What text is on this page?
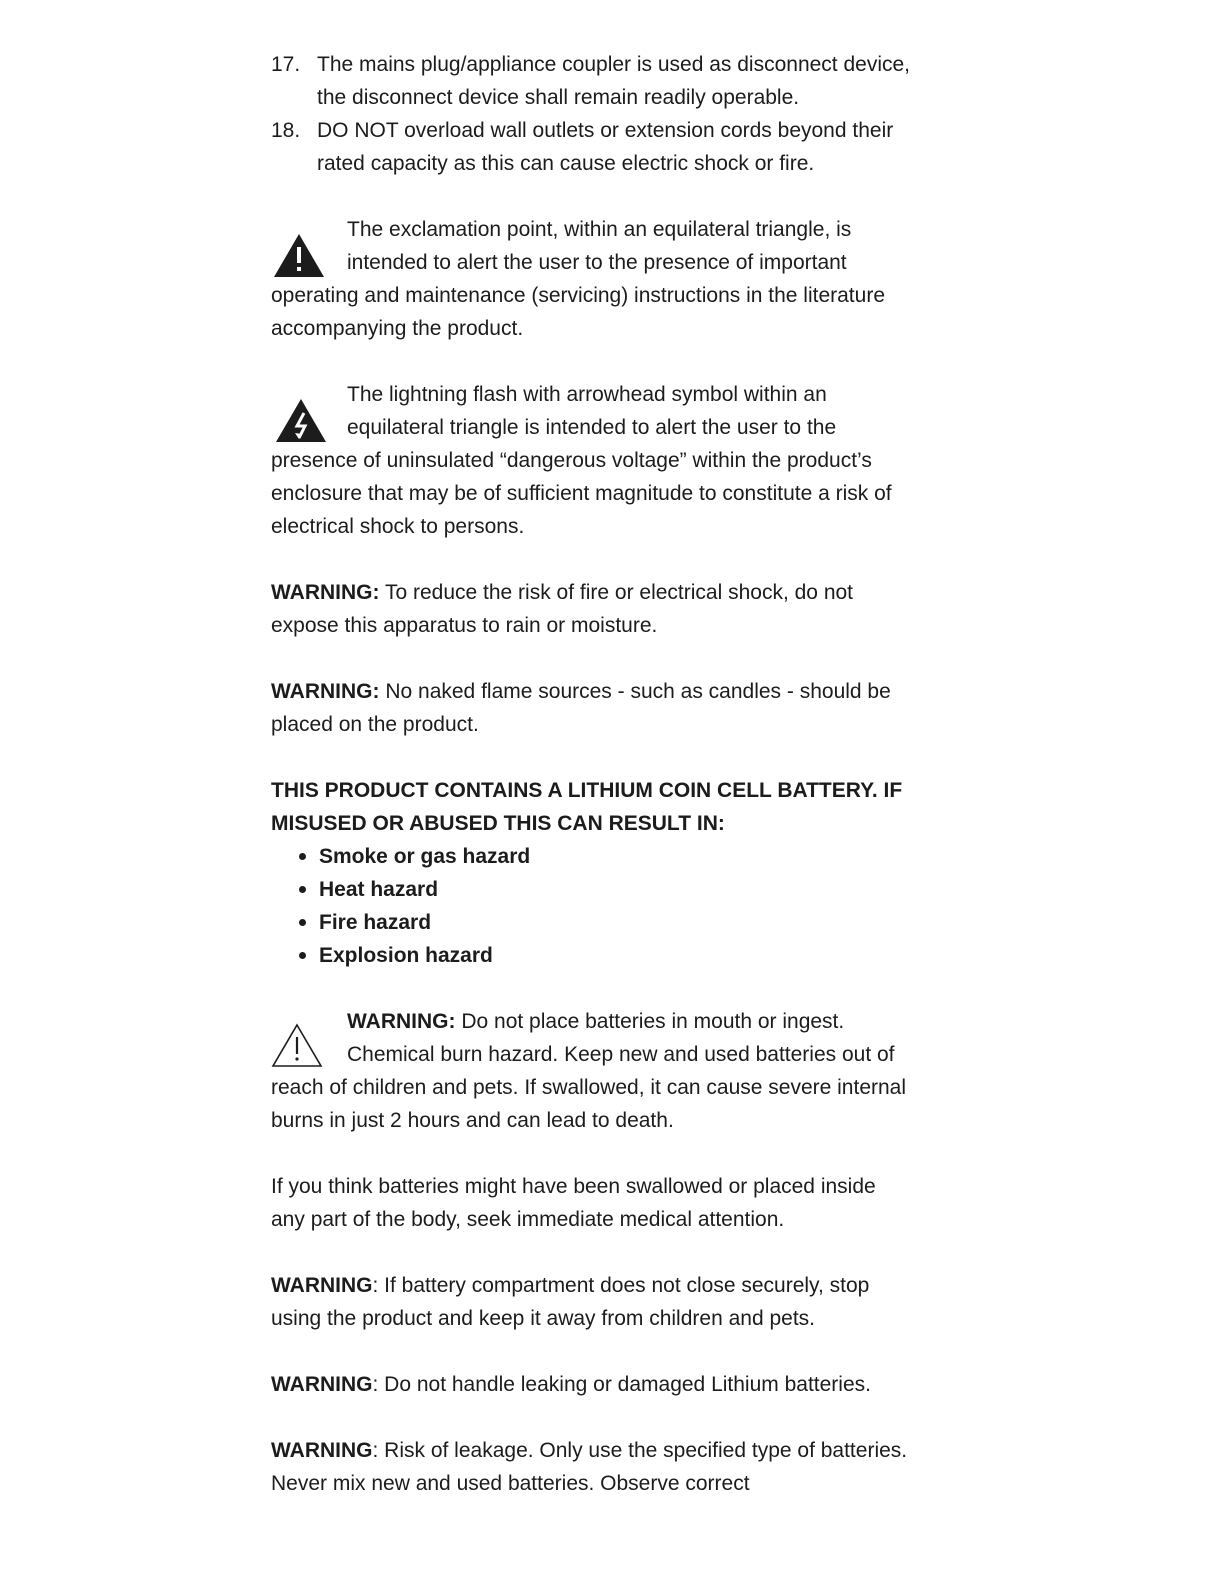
17. The mains plug/appliance coupler is used as disconnect device, the disconnect device shall remain readily operable.
18. DO NOT overload wall outlets or extension cords beyond their rated capacity as this can cause electric shock or fire.

The exclamation point, within an equilateral triangle, is intended to alert the user to the presence of important operating and maintenance (servicing) instructions in the literature accompanying the product.

The lightning flash with arrowhead symbol within an equilateral triangle is intended to alert the user to the presence of uninsulated “dangerous voltage” within the product’s enclosure that may be of sufficient magnitude to constitute a risk of electrical shock to persons.

WARNING: To reduce the risk of fire or electrical shock, do not expose this apparatus to rain or moisture.

WARNING: No naked flame sources - such as candles - should be placed on the product.

THIS PRODUCT CONTAINS A LITHIUM COIN CELL BATTERY. IF MISUSED OR ABUSED THIS CAN RESULT IN:

Smoke or gas hazard
Heat hazard
Fire hazard
Explosion hazard

WARNING: Do not place batteries in mouth or ingest. Chemical burn hazard. Keep new and used batteries out of reach of children and pets. If swallowed, it can cause severe internal burns in just 2 hours and can lead to death.

If you think batteries might have been swallowed or placed inside any part of the body, seek immediate medical attention.

WARNING: If battery compartment does not close securely, stop using the product and keep it away from children and pets.

WARNING: Do not handle leaking or damaged Lithium batteries.

WARNING: Risk of leakage. Only use the specified type of batteries. Never mix new and used batteries. Observe correct
